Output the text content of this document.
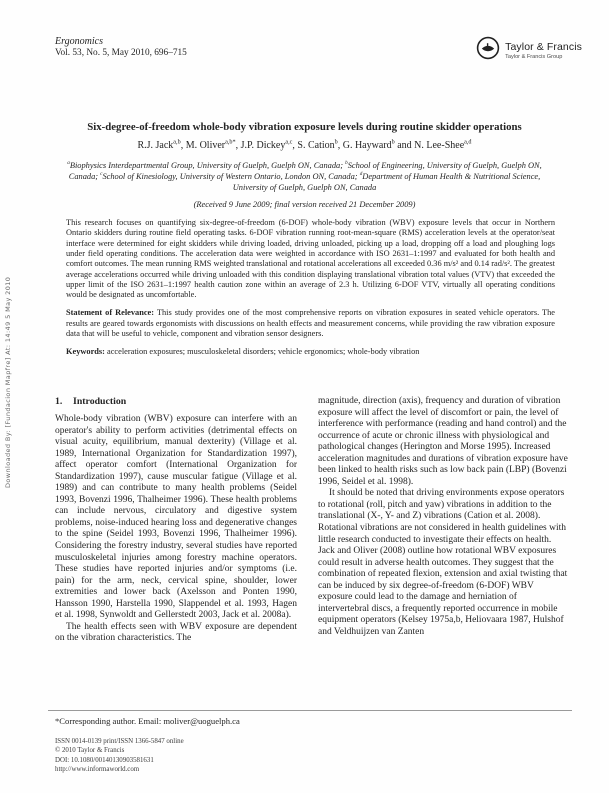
Downloaded By: [Fundacion Mapfre] At: 14:49 5 May 2010
Ergonomics
Vol. 53, No. 5, May 2010, 696–715	Taylor & Francis
Taylor & Francis Group
Six-degree-of-freedom whole-body vibration exposure levels during routine skidder operations
R.J. Jack$^{a,b}$, M. Oliver$^{a,b*}$, J.P. Dickey$^{a,c}$, S. Cation$^b$, G. Hayward$^b$ and N. Lee-Shee$^{a,d}$
$^a$Biophysics Interdepartmental Group, University of Guelph, Guelph ON, Canada; $^b$School of Engineering, University of Guelph, Guelph ON, Canada; $^c$School of Kinesiology, University of Western Ontario, London ON, Canada; $^d$Department of Human Health & Nutritional Science, University of Guelph, Guelph ON, Canada
(Received 9 June 2009; final version received 21 December 2009)

This research focuses on quantifying six-degree-of-freedom (6-DOF) whole-body vibration (WBV) exposure levels that occur in Northern Ontario skidders during routine field operating tasks. 6-DOF vibration running root-mean-square (RMS) acceleration levels at the operator/seat interface were determined for eight skidders while driving loaded, driving unloaded, picking up a load, dropping off a load and ploughing logs under field operating conditions. The acceleration data were weighted in accordance with ISO 2631–1:1997 and evaluated for both health and comfort outcomes. The mean running RMS weighted translational and rotational accelerations all exceeded 0.36 m/s² and 0.14 rad/s². The greatest average accelerations occurred while driving unloaded with this condition displaying translational vibration total values (VTV) that exceeded the upper limit of the ISO 2631–1:1997 health caution zone within an average of 2.3 h. Utilizing 6-DOF VTV, virtually all operating conditions would be designated as uncomfortable.

Statement of Relevance: This study provides one of the most comprehensive reports on vibration exposures in seated vehicle operators. The results are geared towards ergonomists with discussions on health effects and measurement concerns, while providing the raw vibration exposure data that will be useful to vehicle, component and vibration sensor designers.

Keywords: acceleration exposures; musculoskeletal disorders; vehicle ergonomics; whole-body vibration

1. Introduction

Whole-body vibration (WBV) exposure can interfere with an operator's ability to perform activities (detrimental effects on visual acuity, equilibrium, manual dexterity) (Village et al. 1989, International Organization for Standardization 1997), affect operator comfort (International Organization for Standardization 1997), cause muscular fatigue (Village et al. 1989) and can contribute to many health problems (Seidel 1993, Bovenzi 1996, Thalheimer 1996). These health problems can include nervous, circulatory and digestive system problems, noise-induced hearing loss and degenerative changes to the spine (Seidel 1993, Bovenzi 1996, Thalheimer 1996). Considering the forestry industry, several studies have reported musculoskeletal injuries among forestry machine operators. These studies have reported injuries and/or symptoms (i.e. pain) for the arm, neck, cervical spine, shoulder, lower extremities and lower back (Axelsson and Ponten 1990, Hansson 1990, Harstella 1990, Slappendel et al. 1993, Hagen et al. 1998, Synwoldt and Gellerstedt 2003, Jack et al. 2008a).

The health effects seen with WBV exposure are dependent on the vibration characteristics. The

magnitude, direction (axis), frequency and duration of vibration exposure will affect the level of discomfort or pain, the level of interference with performance (reading and hand control) and the occurrence of acute or chronic illness with physiological and pathological changes (Herington and Morse 1995). Increased acceleration magnitudes and durations of vibration exposure have been linked to health risks such as low back pain (LBP) (Bovenzi 1996, Seidel et al. 1998).

It should be noted that driving environments expose operators to rotational (roll, pitch and yaw) vibrations in addition to the translational (X-, Y- and Z) vibrations (Cation et al. 2008). Rotational vibrations are not considered in health guidelines with little research conducted to investigate their effects on health. Jack and Oliver (2008) outline how rotational WBV exposures could result in adverse health outcomes. They suggest that the combination of repeated flexion, extension and axial twisting that can be induced by six degree-of-freedom (6-DOF) WBV exposure could lead to the damage and herniation of intervertebral discs, a frequently reported occurrence in mobile equipment operators (Kelsey 1975a,b, Heliovaara 1987, Hulshof and Veldhuijzen van Zanten

*Corresponding author. Email: moliver@uoguelph.ca
ISSN 0014-0139 print/ISSN 1366-5847 online
© 2010 Taylor & Francis
DOI: 10.1080/00140130903581631
http://www.informaworld.com
